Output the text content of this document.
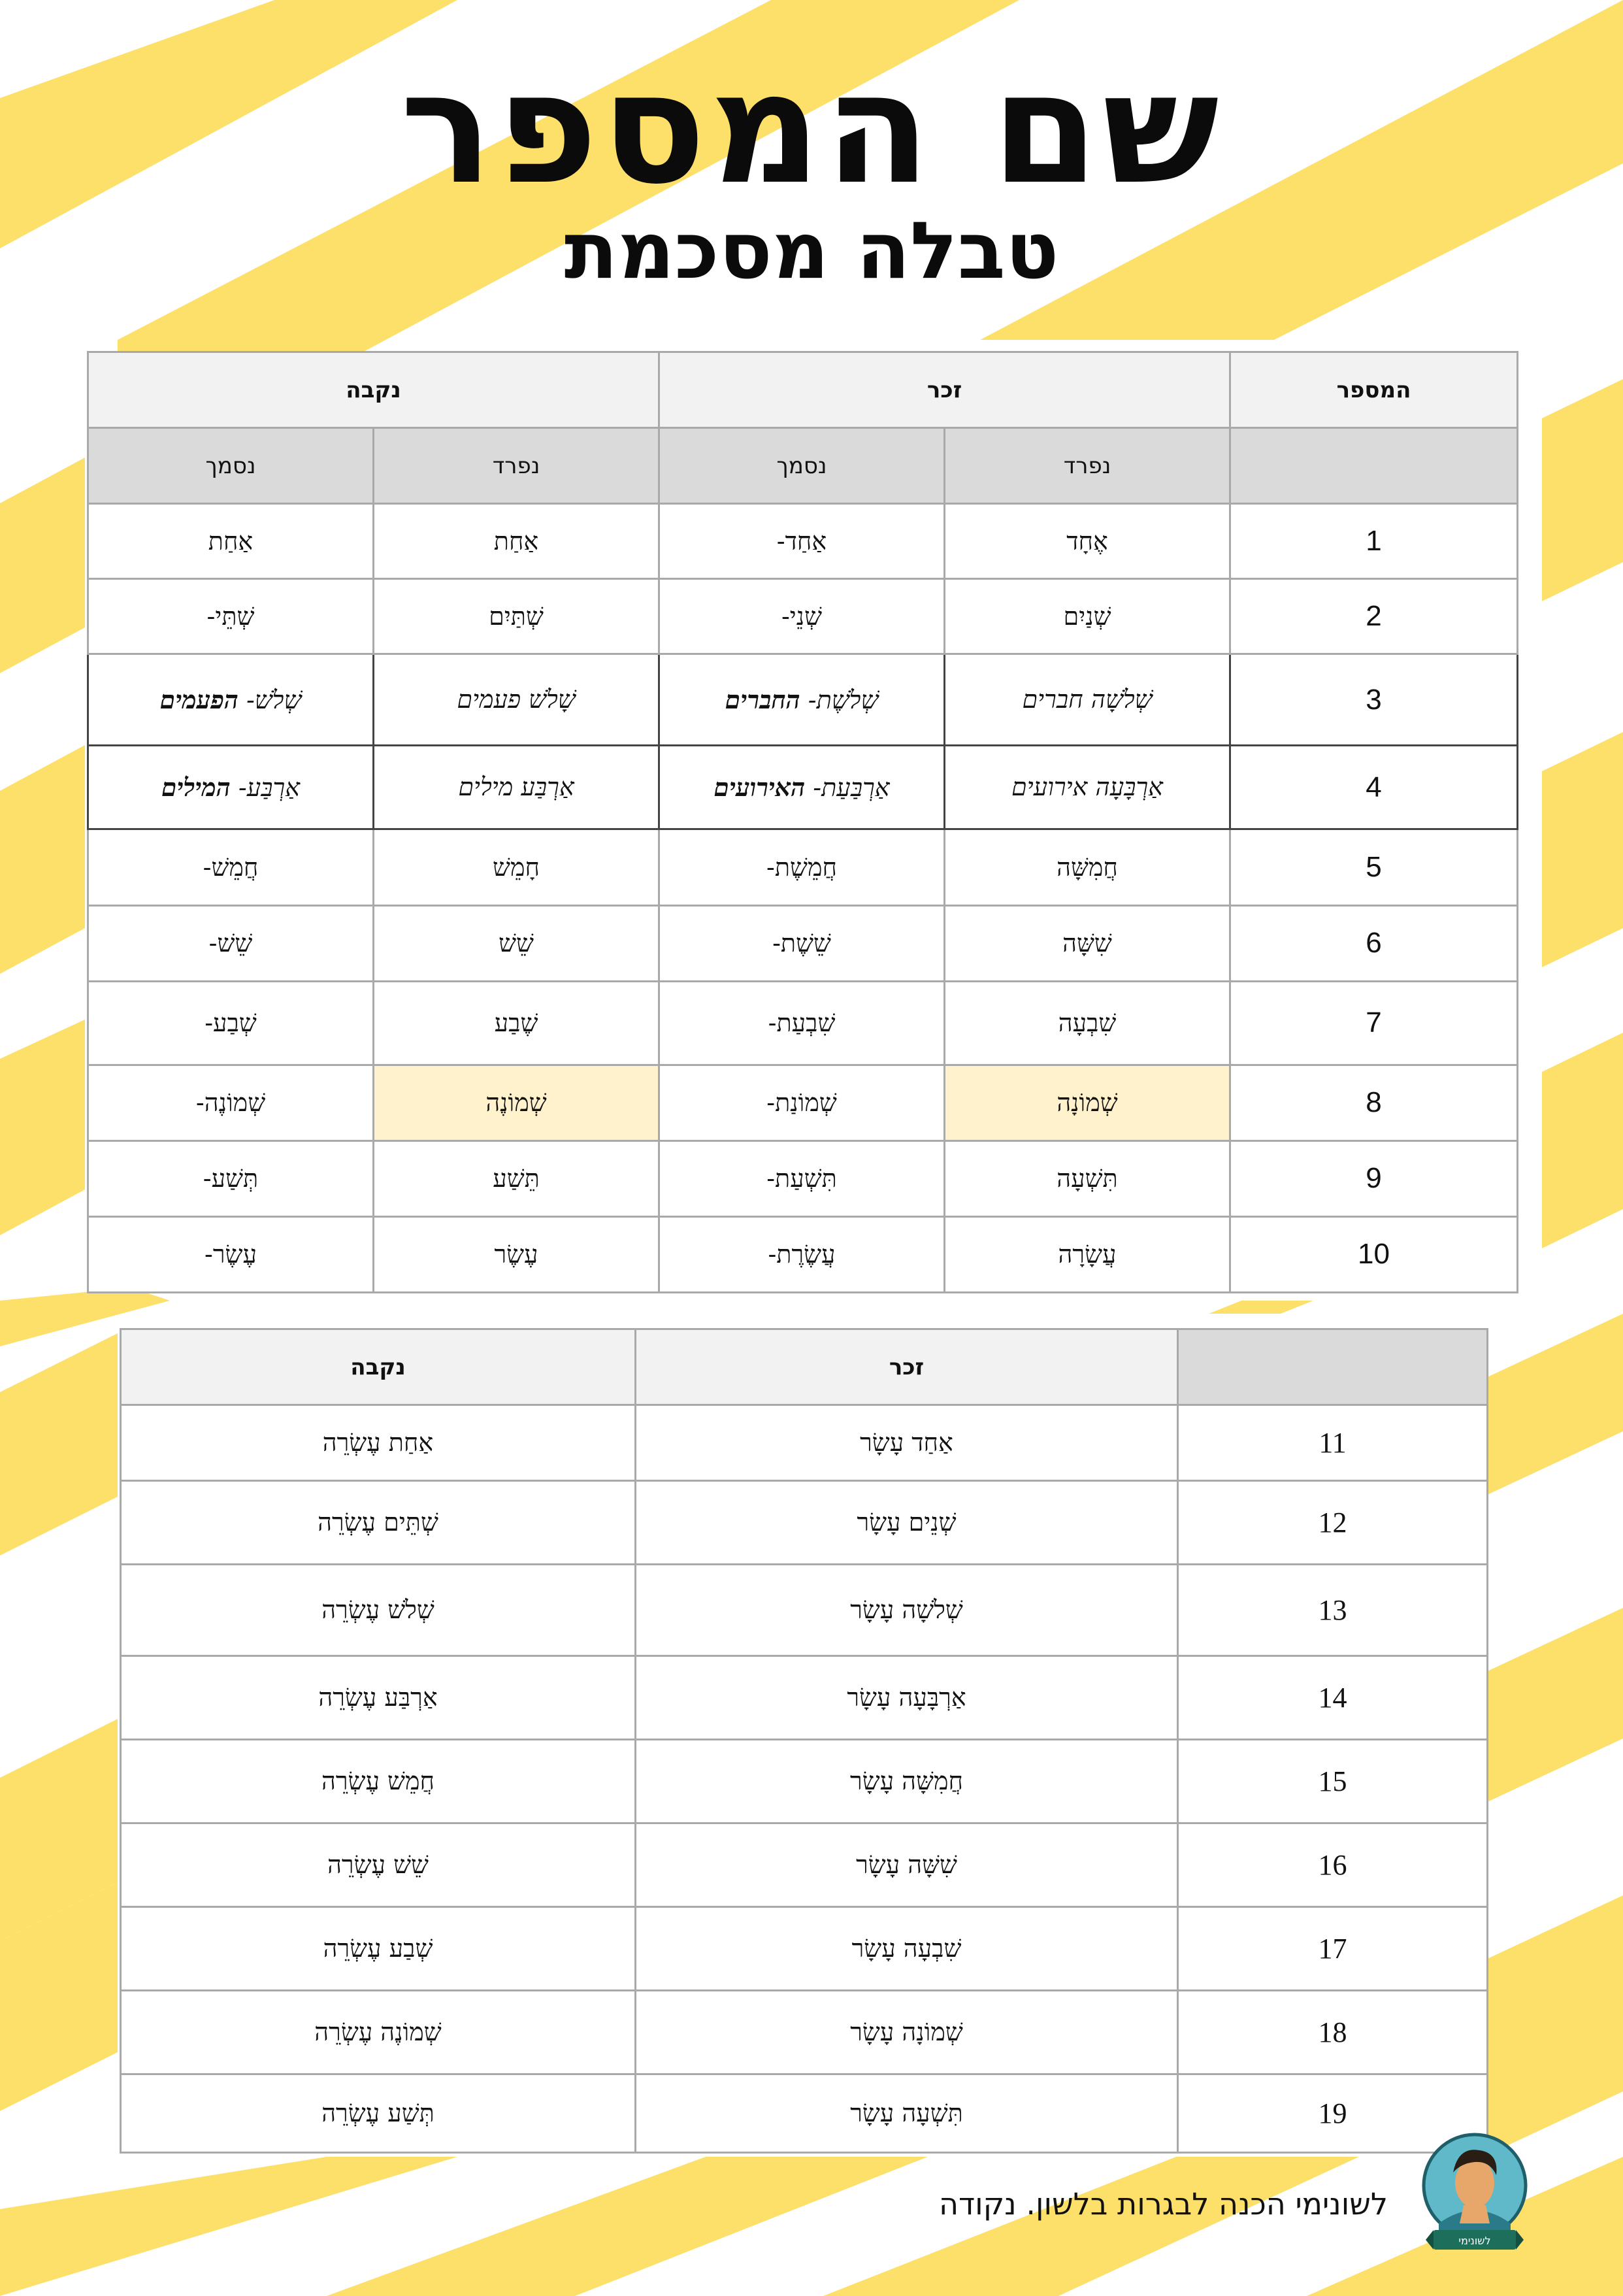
שם המספר
טבלה מסכמת
נקבה		זכר		המספר
נסמך	נפרד	נסמך	נפרד	
אַחַת	אַחַת	אַחַד-	אֶחָד	1
שְׁתֵּי-	שְׁתַּיִם	שְׁנֵי-	שְׁנַיִם	2
שְׁלֹשׁ- הפעמים	שָׁלֹשׁ פעמים	שְׁלֹשֶׁת- החברים	שְׁלֹשָׁה חברים	3
אַרְבַּע- המילים	אַרְבַּע מילים	אַרְבַּעַת- האירועים	אַרְבָּעָה אירועים	4
חֲמֵשׁ-	חָמֵשׁ	חֲמֵשֶׁת-	חֲמִשָּׁה	5
שֵׁשׁ-	שֵׁשׁ	שֵׁשֶׁת-	שִׁשָּׁה	6
שְׁבַע-	שֶׁבַע	שִׁבְעַת-	שִׁבְעָה	7
שְׁמוֹנֶה-	שְׁמוֹנֶה	שְׁמוֹנַת-	שְׁמוֹנָה	8
תְּשַׁע-	תֵּשַׁע	תִּשְׁעַת-	תִּשְׁעָה	9
עֶשֶׂר-	עֶשֶׂר	עֲשֶׂרֶת-	עֲשָׂרָה	10
נקבה	זכר	
אַחַת עֶשְׂרֵה	אַחַד עָשָׂר	11
שְׁתֵּים עֶשְׂרֵה	שְׁנֵים עָשָׂר	12
שְׁלֹשׁ עֶשְׂרֵה	שְׁלֹשָׁה עָשָׂר	13
אַרְבַּע עֶשְׂרֵה	אַרְבָּעָה עָשָׂר	14
חֲמֵשׁ עֶשְׂרֵה	חֲמִשָּׁה עָשָׂר	15
שֵׁשׁ עֶשְׂרֵה	שִׁשָּׁה עָשָׂר	16
שְׁבַע עֶשְׂרֵה	שִׁבְעָה עָשָׂר	17
שְׁמוֹנֶה עֶשְׂרֵה	שְׁמוֹנָה עָשָׂר	18
תְּשַׁע עֶשְׂרֵה	תִּשְׁעָה עָשָׂר	19
לשונימי הכנה לבגרות בלשון. נקודה
לשונימי
